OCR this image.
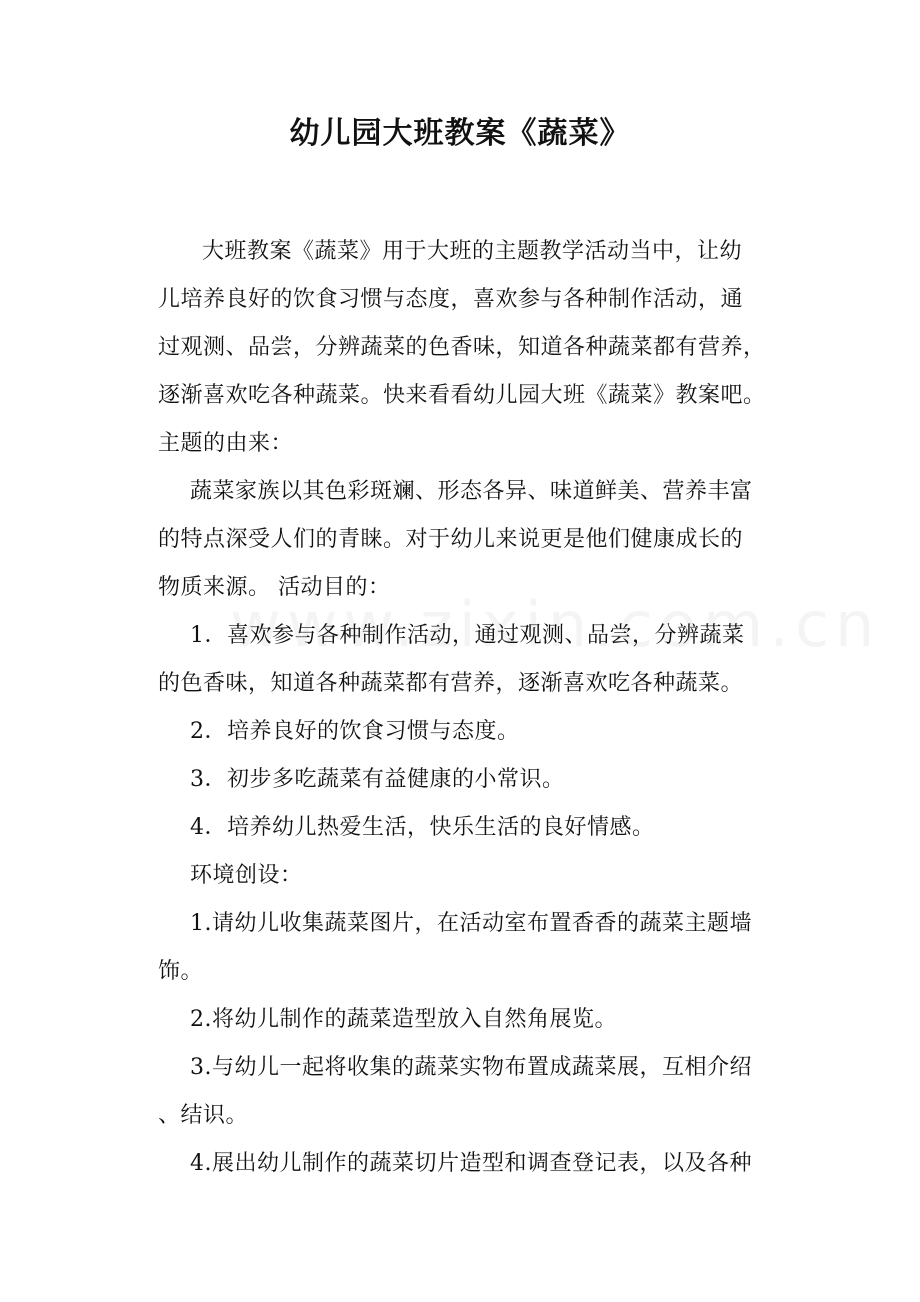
幼儿园大班教案《蔬菜》
大班教案《蔬菜》用于大班的主题教学活动当中，让幼
儿培养良好的饮食习惯与态度，喜欢参与各种制作活动，通
过观测、品尝，分辨蔬菜的色香味，知道各种蔬菜都有营养，
逐渐喜欢吃各种蔬菜。快来看看幼儿园大班《蔬菜》教案吧。
主题的由来：
蔬菜家族以其色彩斑斓、形态各异、味道鲜美、营养丰富
的特点深受人们的青睐。对于幼儿来说更是他们健康成长的
物质来源。 活动目的：
1．喜欢参与各种制作活动，通过观测、品尝，分辨蔬菜
的色香味，知道各种蔬菜都有营养，逐渐喜欢吃各种蔬菜。
2．培养良好的饮食习惯与态度。
3．初步多吃蔬菜有益健康的小常识。
4．培养幼儿热爱生活，快乐生活的良好情感。
环境创设：
1.请幼儿收集蔬菜图片，在活动室布置香香的蔬菜主题墙
饰。
2.将幼儿制作的蔬菜造型放入自然角展览。
3.与幼儿一起将收集的蔬菜实物布置成蔬菜展，互相介绍
、结识。
4.展出幼儿制作的蔬菜切片造型和调查登记表，以及各种
